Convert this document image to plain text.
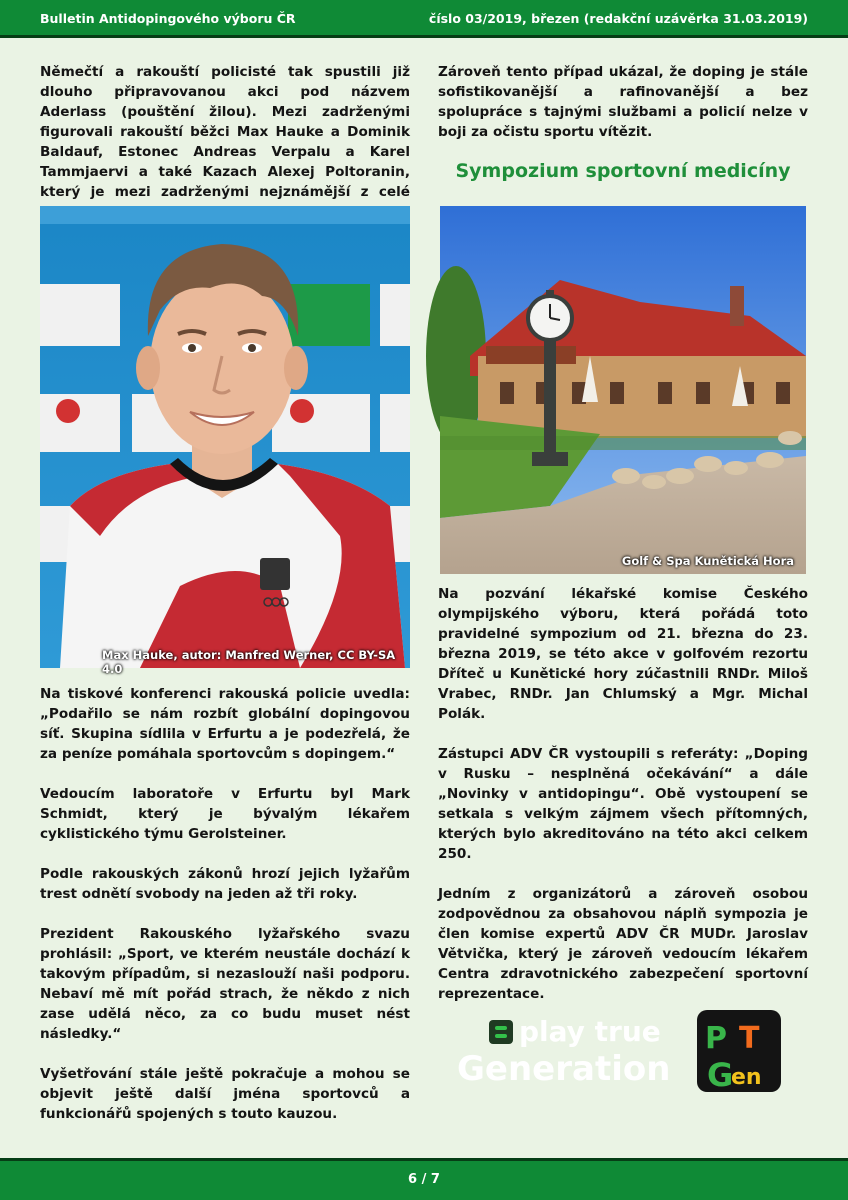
Bulletin Antidopingového výboru ČR	číslo 03/2019, březen (redakční uzávěrka 31.03.2019)

Němečtí a rakouští policisté tak spustili již dlouho připravovanou akci pod názvem Aderlass (pouštění žilou). Mezi zadrženými figurovali rakouští běžci Max Hauke a Dominik Baldauf, Estonec Andreas Verpalu a Karel Tammjaervi a také Kazach Alexej Poltoranin, který je mezi zadrženými nejznámější z celé

Max Hauke, autor: Manfred Werner, CC BY-SA 4.0

Na tiskové konferenci rakouská policie uvedla: „Podařilo se nám rozbít globální dopingovou síť. Skupina sídlila v Erfurtu a je podezřelá, že za peníze pomáhala sportovcům s dopingem.“

Vedoucím laboratoře v Erfurtu byl Mark Schmidt, který je bývalým lékařem cyklistického týmu Gerolsteiner.

Podle rakouských zákonů hrozí jejich lyžařům trest odnětí svobody na jeden až tři roky.

Prezident Rakouského lyžařského svazu prohlásil: „Sport, ve kterém neustále dochází k takovým případům, si nezaslouží naši podporu. Nebaví mě mít pořád strach, že někdo z nich zase udělá něco, za co budu muset nést následky.“

Vyšetřování stále ještě pokračuje a mohou se objevit ještě další jména sportovců a funkcionářů spojených s touto kauzou.

Zároveň tento případ ukázal, že doping je stále sofistikovanější a rafinovanější a bez spolupráce s tajnými službami a policií nelze v boji za očistu sportu vítězit.

Sympozium sportovní medicíny
Golf & Spa Kunětická Hora

Na pozvání lékařské komise Českého olympijského výboru, která pořádá toto pravidelné sympozium od 21. března do 23. března 2019, se této akce v golfovém rezortu Dříteč u Kunětické hory zúčastnili RNDr. Miloš Vrabec, RNDr. Jan Chlumský a Mgr. Michal Polák.

Zástupci ADV ČR vystoupili s referáty: „Doping v Rusku – nesplněná očekávání“ a dále „Novinky v antidopingu“. Obě vystoupení se setkala s velkým zájmem všech přítomných, kterých bylo akreditováno na této akci celkem 250.

Jedním z organizátorů a zároveň osobou zodpovědnou za obsahovou náplň sympozia je člen komise expertů ADV ČR MUDr. Jaroslav Větvička, který je zároveň vedoucím lékařem Centra zdravotnického zabezpečení sportovní reprezentace.

play true
Generation
P T
G
en
6 / 7
